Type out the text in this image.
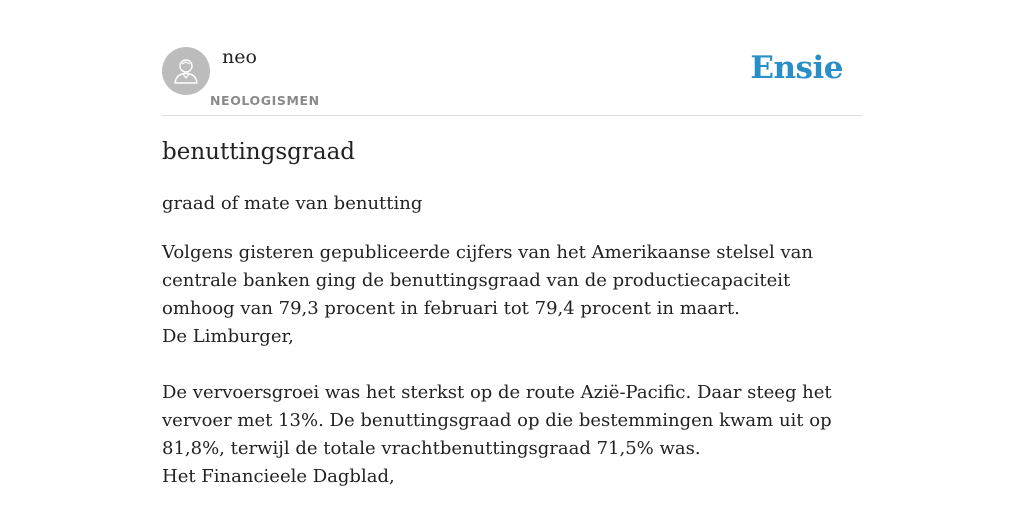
neo
NEOLOGISMEN
Ensie
benuttingsgraad

graad of mate van benutting

Volgens gisteren gepubliceerde cijfers van het Amerikaanse stelsel van centrale banken ging de benuttingsgraad van de productiecapaciteit omhoog van 79,3 procent in februari tot 79,4 procent in maart.

De Limburger,

De vervoersgroei was het sterkst op de route Azië-Pacific. Daar steeg het vervoer met 13%. De benuttingsgraad op die bestemmingen kwam uit op 81,8%, terwijl de totale vrachtbenuttingsgraad 71,5% was.

Het Financieele Dagblad,
